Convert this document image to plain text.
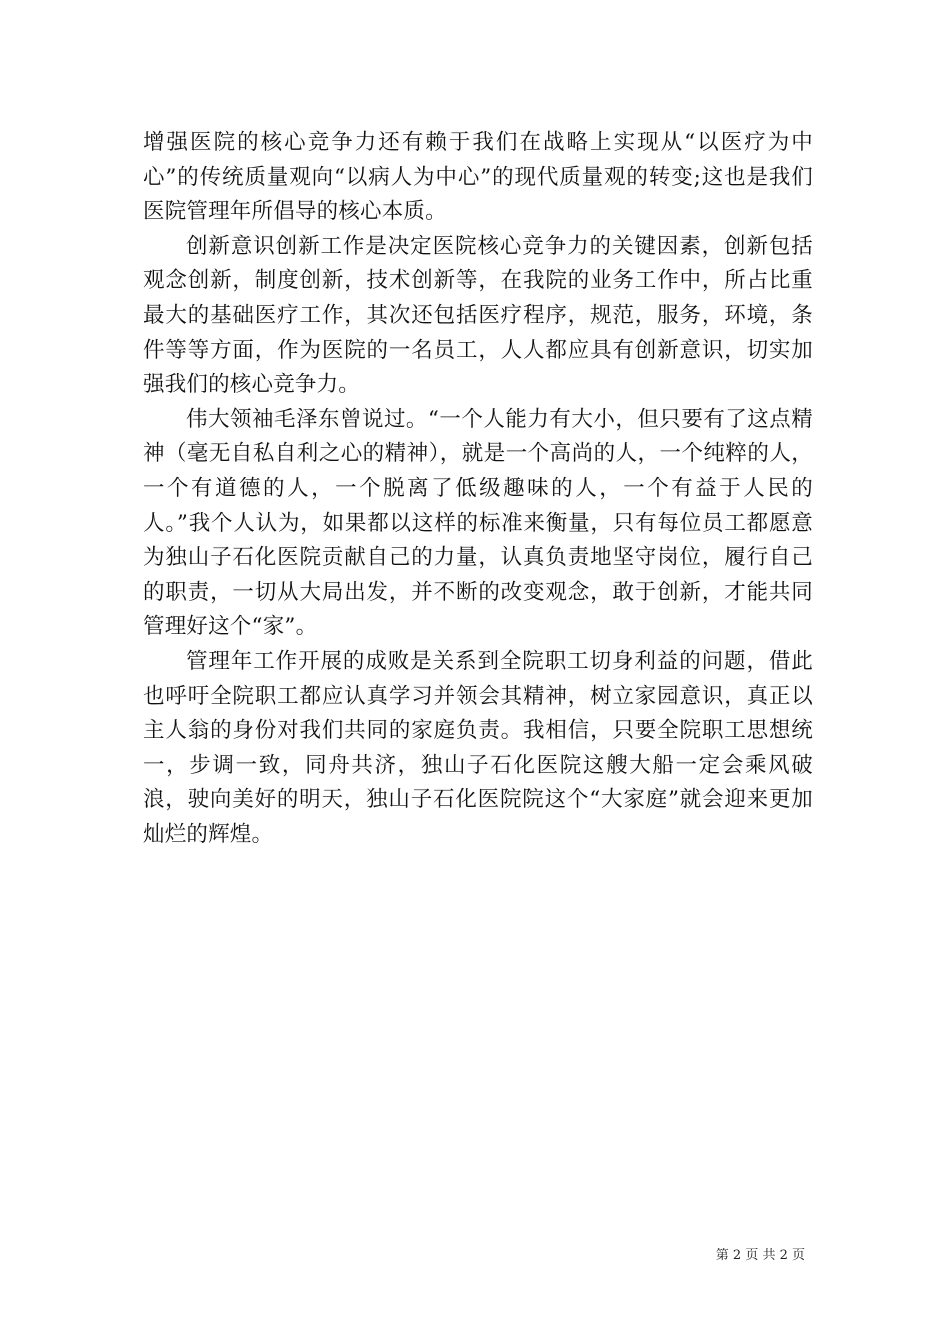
增强医院的核心竞争力还有赖于我们在战略上实现从“以医疗为中心”的传统质量观向“以病人为中心”的现代质量观的转变;这也是我们医院管理年所倡导的核心本质。

创新意识创新工作是决定医院核心竞争力的关键因素，创新包括观念创新，制度创新，技术创新等，在我院的业务工作中，所占比重最大的基础医疗工作，其次还包括医疗程序，规范，服务，环境，条件等等方面，作为医院的一名员工，人人都应具有创新意识，切实加强我们的核心竞争力。

伟大领袖毛泽东曾说过。“一个人能力有大小，但只要有了这点精神（毫无自私自利之心的精神），就是一个高尚的人，一个纯粹的人，一个有道德的人，一个脱离了低级趣味的人，一个有益于人民的人。”我个人认为，如果都以这样的标准来衡量，只有每位员工都愿意为独山子石化医院贡献自己的力量，认真负责地坚守岗位，履行自己的职责，一切从大局出发，并不断的改变观念，敢于创新，才能共同管理好这个“家”。

管理年工作开展的成败是关系到全院职工切身利益的问题，借此也呼吁全院职工都应认真学习并领会其精神，树立家园意识，真正以主人翁的身份对我们共同的家庭负责。我相信，只要全院职工思想统一，步调一致，同舟共济，独山子石化医院这艘大船一定会乘风破浪，驶向美好的明天，独山子石化医院院这个“大家庭”就会迎来更加灿烂的辉煌。

第 2 页 共 2 页
